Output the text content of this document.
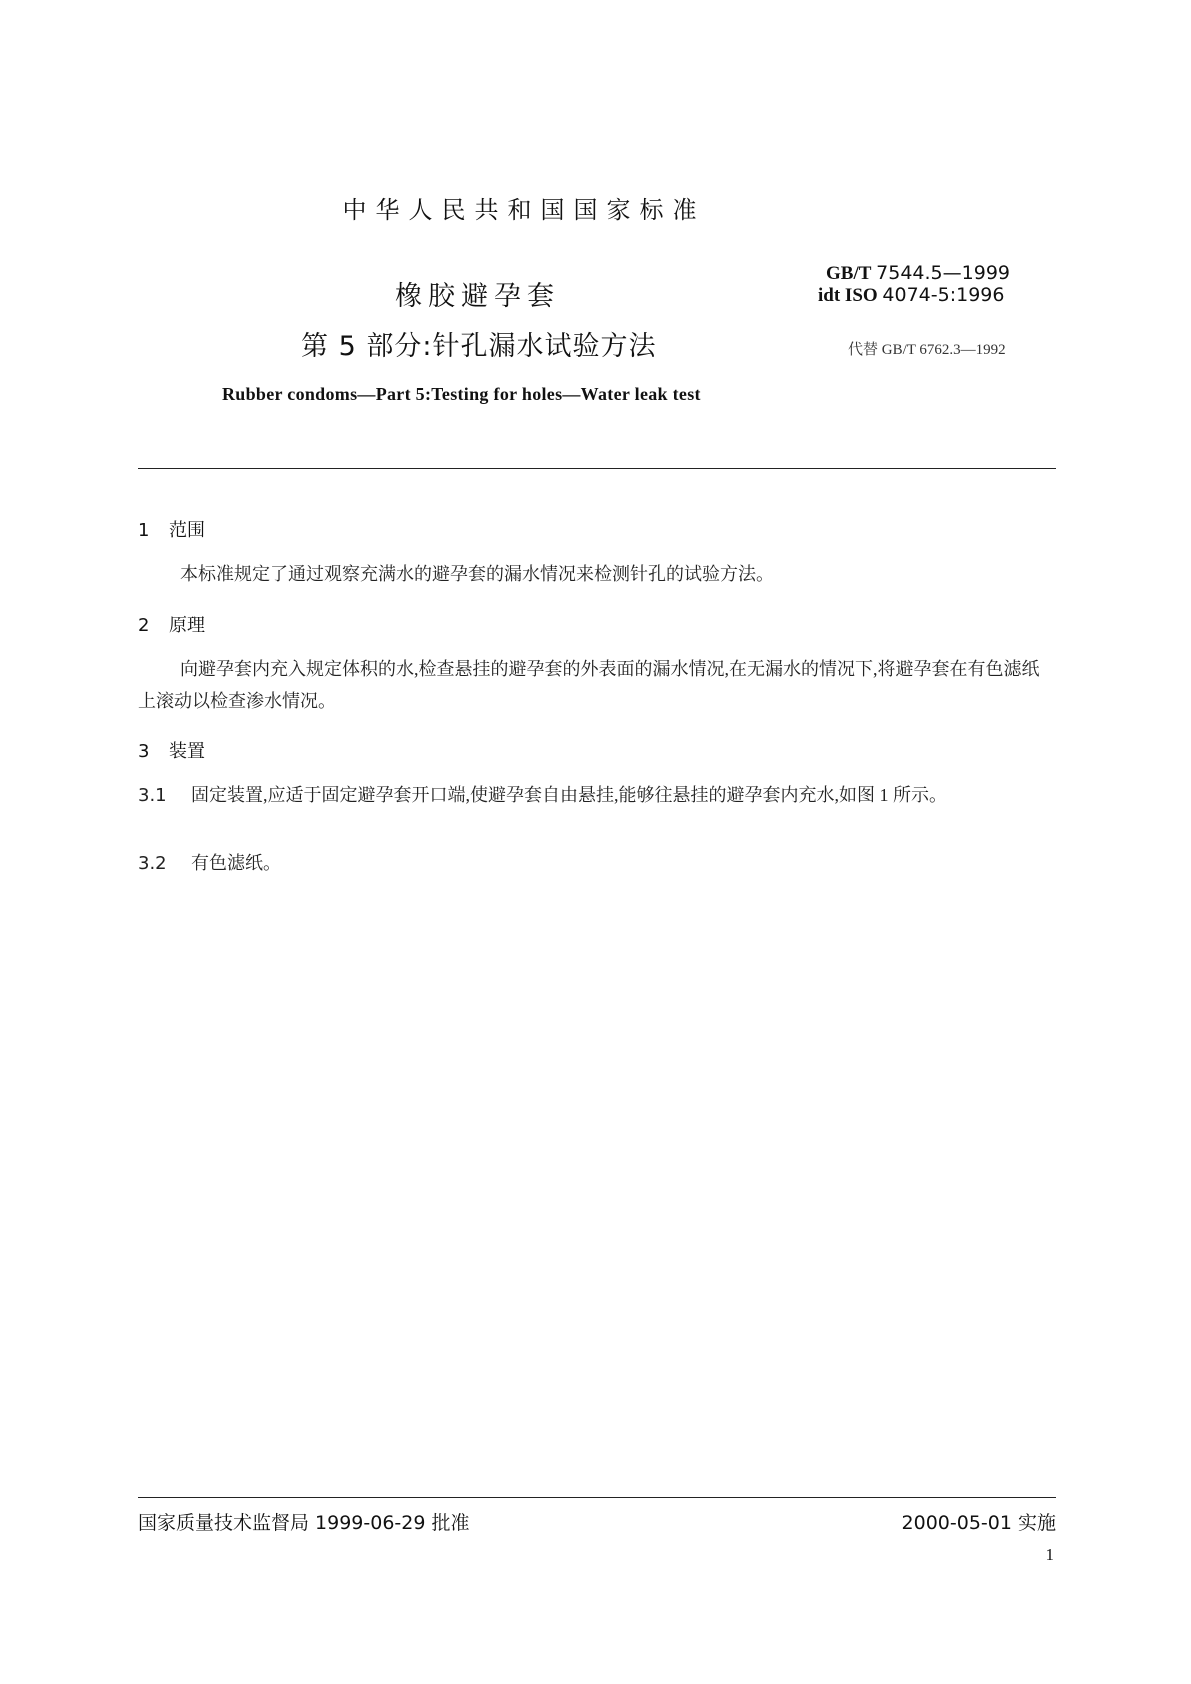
中华人民共和国国家标准
橡胶避孕套
第 5 部分:针孔漏水试验方法
GB/T 7544.5—1999
idt ISO 4074-5:1996
代替 GB/T 6762.3—1992
Rubber condoms—Part 5:Testing for holes—Water leak test
1 范围
本标准规定了通过观察充满水的避孕套的漏水情况来检测针孔的试验方法。
2 原理
向避孕套内充入规定体积的水,检查悬挂的避孕套的外表面的漏水情况,在无漏水的情况下,将避孕套在有色滤纸上滚动以检查渗水情况。
3 装置
3.1 固定装置,应适于固定避孕套开口端,使避孕套自由悬挂,能够往悬挂的避孕套内充水,如图 1 所示。
3.2 有色滤纸。
国家质量技术监督局 1999-06-29 批准	2000-05-01 实施
1
